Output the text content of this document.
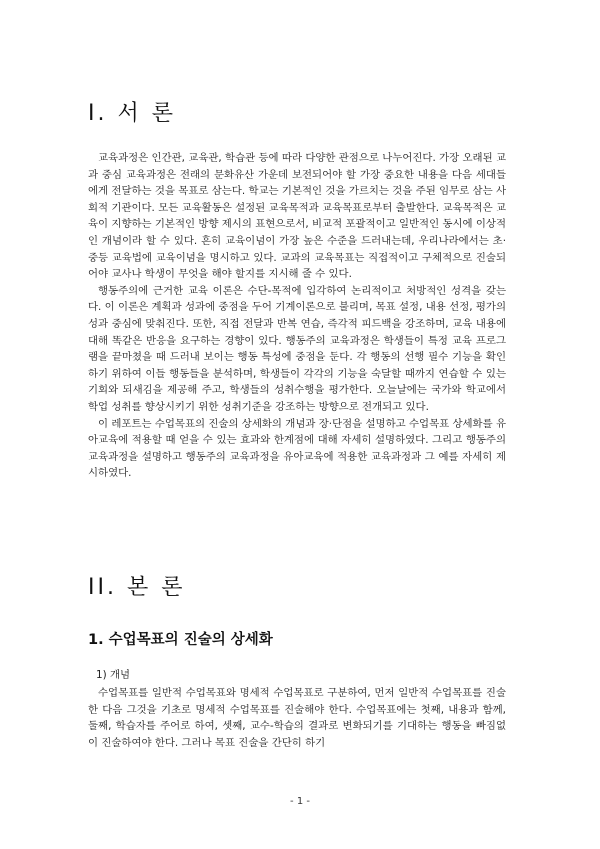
I. 서 론

교육과정은 인간관, 교육관, 학습관 등에 따라 다양한 관점으로 나누어진다. 가장 오래된 교과 중심 교육과정은 전래의 문화유산 가운데 보전되어야 할 가장 중요한 내용을 다음 세대들에게 전달하는 것을 목표로 삼는다. 학교는 기본적인 것을 가르치는 것을 주된 임무로 삼는 사회적 기관이다. 모든 교육활동은 설정된 교육목적과 교육목표로부터 출발한다. 교육목적은 교육이 지향하는 기본적인 방향 제시의 표현으로서, 비교적 포괄적이고 일반적인 동시에 이상적인 개념이라 할 수 있다. 흔히 교육이념이 가장 높은 수준을 드러내는데, 우리나라에서는 초·중등 교육법에 교육이념을 명시하고 있다. 교과의 교육목표는 직접적이고 구체적으로 진술되어야 교사나 학생이 무엇을 해야 할지를 지시해 줄 수 있다.

행동주의에 근거한 교육 이론은 수단-목적에 입각하여 논리적이고 처방적인 성격을 갖는다. 이 이론은 계획과 성과에 중점을 두어 기계이론으로 불리며, 목표 설정, 내용 선정, 평가의 성과 중심에 맞춰진다. 또한, 직접 전달과 반복 연습, 즉각적 피드백을 강조하며, 교육 내용에 대해 똑같은 반응을 요구하는 경향이 있다. 행동주의 교육과정은 학생들이 특정 교육 프로그램을 끝마쳤을 때 드러내 보이는 행동 특성에 중점을 둔다. 각 행동의 선행 필수 기능을 확인하기 위하여 이들 행동들을 분석하며, 학생들이 각각의 기능을 숙달할 때까지 연습할 수 있는 기회와 되새김을 제공해 주고, 학생들의 성취수행을 평가한다. 오늘날에는 국가와 학교에서 학업 성취를 향상시키기 위한 성취기준을 강조하는 방향으로 전개되고 있다.

이 레포트는 수업목표의 진술의 상세화의 개념과 장·단점을 설명하고 수업목표 상세화를 유아교육에 적용할 때 얻을 수 있는 효과와 한계점에 대해 자세히 설명하였다. 그리고 행동주의 교육과정을 설명하고 행동주의 교육과정을 유아교육에 적용한 교육과정과 그 예를 자세히 제시하였다.

II. 본 론
1. 수업목표의 진술의 상세화
1) 개념

수업목표를 일반적 수업목표와 명세적 수업목표로 구분하여, 먼저 일반적 수업목표를 진술한 다음 그것을 기초로 명세적 수업목표를 진술해야 한다. 수업목표에는 첫째, 내용과 함께, 둘째, 학습자를 주어로 하여, 셋째, 교수-학습의 결과로 변화되기를 기대하는 행동을 빠짐없이 진술하여야 한다. 그러나 목표 진술을 간단히 하기

- 1 -
